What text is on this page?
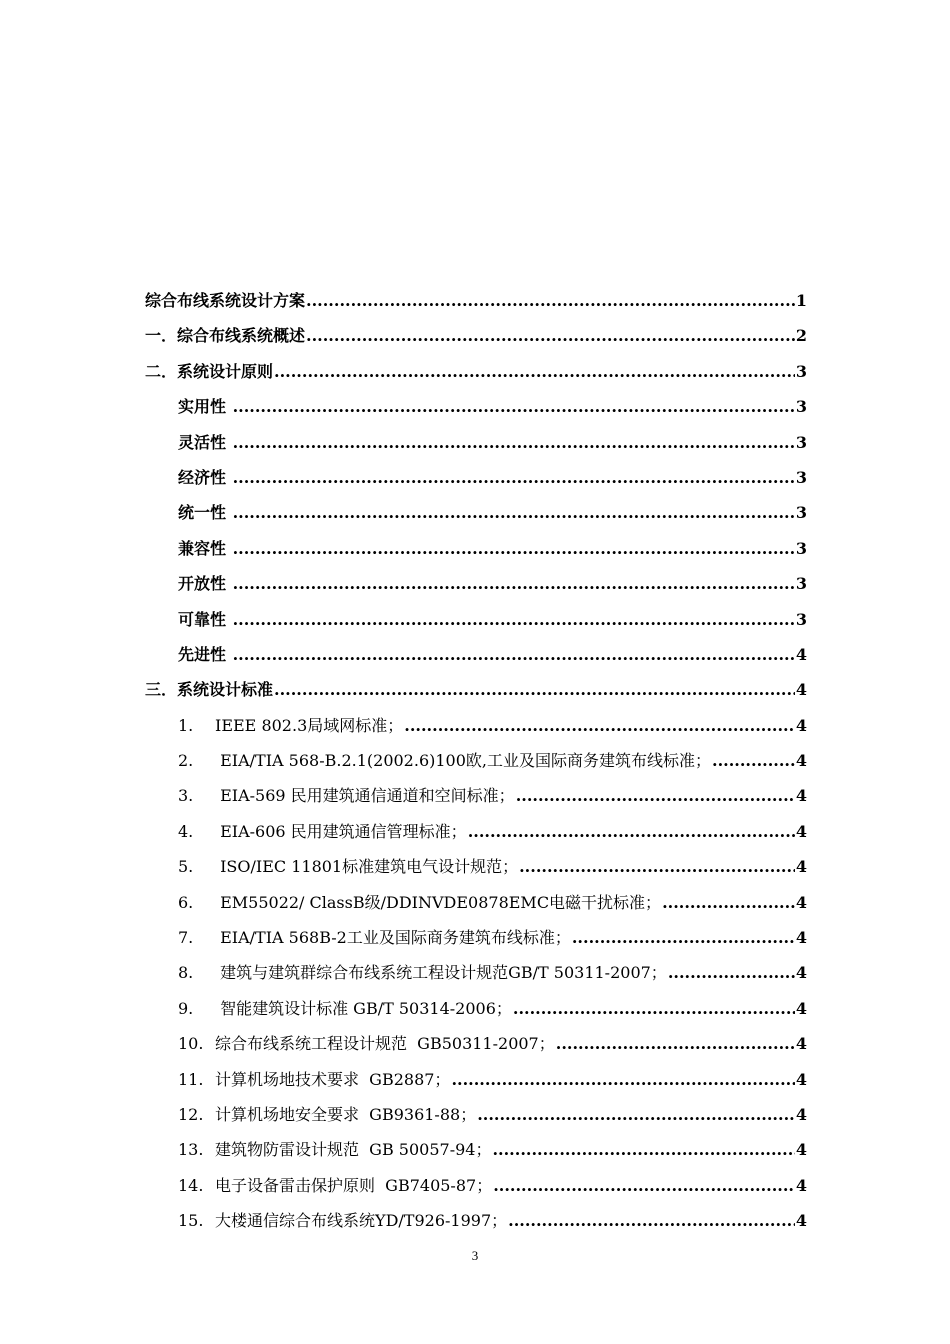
综合布线系统设计方案 .....	1
一．综合布线系统概述 .....	2
二．系统设计原则 .....	3
实用性 .....	3
灵活性 .....	3
经济性 .....	3
统一性 .....	3
兼容性 .....	3
开放性 .....	3
可靠性 .....	3
先进性 .....	4
三．系统设计标准 .....	4
1. IEEE 802.3局域网标准； .....	4
2. EIA/TIA 568-B.2.1(2002.6)100欧,工业及国际商务建筑布线标准； .....	4
3. EIA-569 民用建筑通信通道和空间标准； .....	4
4. EIA-606 民用建筑通信管理标准； .....	4
5. ISO/IEC 11801标准建筑电气设计规范； .....	4
6. EM55022/ ClassB级/DDINVDE0878EMC电磁干扰标准； .....	4
7. EIA/TIA 568B-2工业及国际商务建筑布线标准； .....	4
8. 建筑与建筑群综合布线系统工程设计规范GB/T 50311-2007； .....	4
9. 智能建筑设计标准 GB/T 50314-2006； .....	4
10. 综合布线系统工程设计规范  GB50311-2007； .....	4
11. 计算机场地技术要求  GB2887； .....	4
12. 计算机场地安全要求  GB9361-88； .....	4
13. 建筑物防雷设计规范  GB 50057-94； .....	4
14. 电子设备雷击保护原则  GB7405-87； .....	4
15. 大楼通信综合布线系统YD/T926-1997； .....	4
3
